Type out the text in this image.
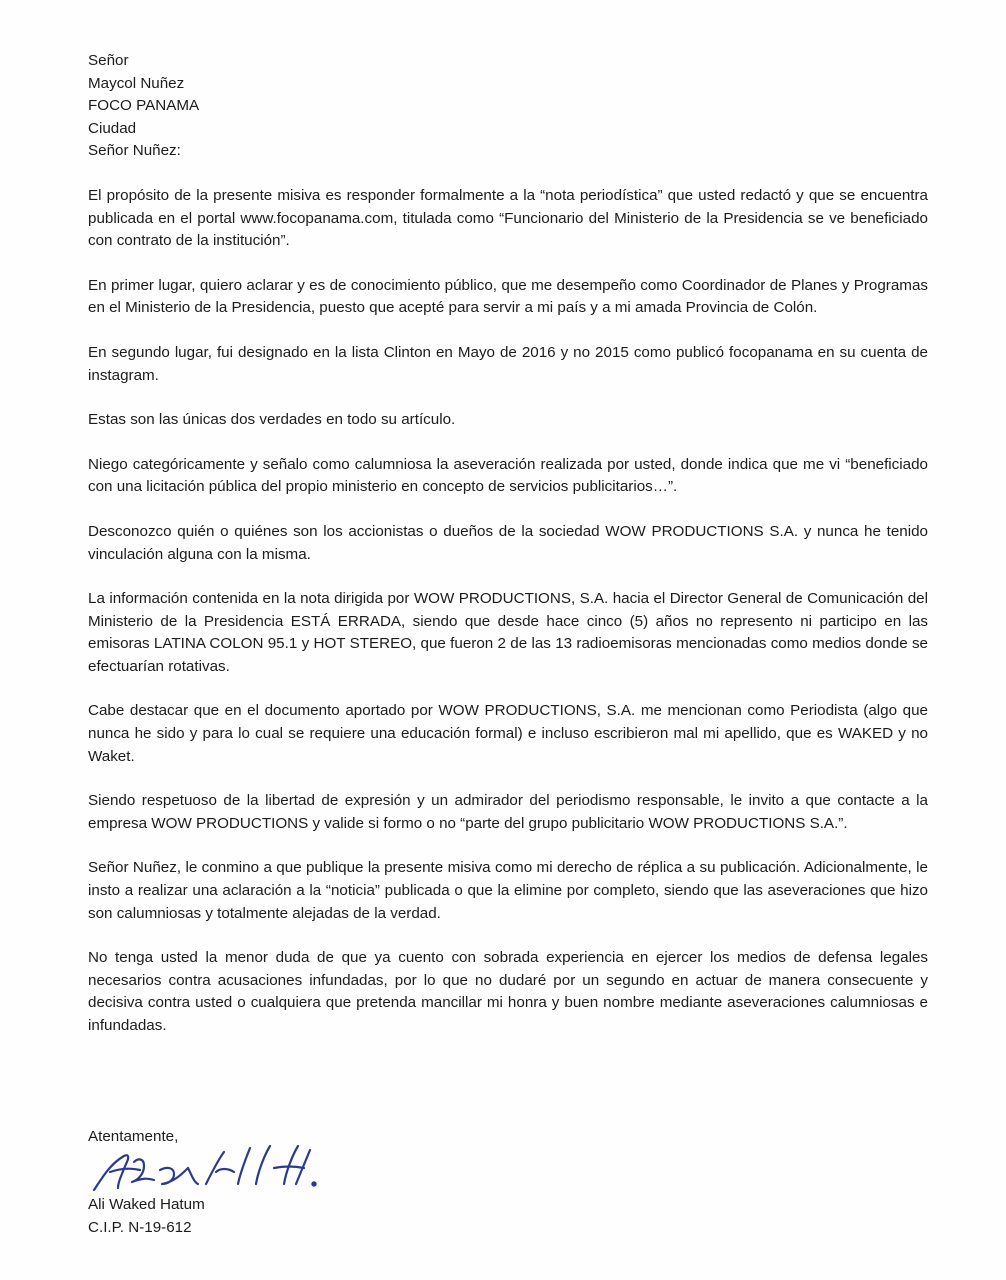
Señor
Maycol Nuñez
FOCO PANAMA
Ciudad

Señor Nuñez:

El propósito de la presente misiva es responder formalmente a la “nota periodística” que usted redactó y que se encuentra publicada en el portal www.focopanama.com, titulada como “Funcionario del Ministerio de la Presidencia se ve beneficiado con contrato de la institución”.

En primer lugar, quiero aclarar y es de conocimiento público, que me desempeño como Coordinador de Planes y Programas en el Ministerio de la Presidencia, puesto que acepté para servir a mi país y a mi amada Provincia de Colón.

En segundo lugar, fui designado en la lista Clinton en Mayo de 2016 y no 2015 como publicó focopanama en su cuenta de instagram.

Estas son las únicas dos verdades en todo su artículo.

Niego categóricamente y señalo como calumniosa la aseveración realizada por usted, donde indica que me vi “beneficiado con una licitación pública del propio ministerio en concepto de servicios publicitarios…”.

Desconozco quién o quiénes son los accionistas o dueños de la sociedad WOW PRODUCTIONS S.A. y nunca he tenido vinculación alguna con la misma.

La información contenida en la nota dirigida por WOW PRODUCTIONS, S.A. hacia el Director General de Comunicación del Ministerio de la Presidencia ESTÁ ERRADA, siendo que desde hace cinco (5) años no represento ni participo en las emisoras LATINA COLON 95.1 y HOT STEREO, que fueron 2 de las 13 radioemisoras mencionadas como medios donde se efectuarían rotativas.

Cabe destacar que en el documento aportado por WOW PRODUCTIONS, S.A. me mencionan como Periodista (algo que nunca he sido y para lo cual se requiere una educación formal) e incluso escribieron mal mi apellido, que es WAKED y no Waket.

Siendo respetuoso de la libertad de expresión y un admirador del periodismo responsable, le invito a que contacte a la empresa WOW PRODUCTIONS y valide si formo o no “parte del grupo publicitario WOW PRODUCTIONS S.A.”.

Señor Nuñez, le conmino a que publique la presente misiva como mi derecho de réplica a su publicación. Adicionalmente, le insto a realizar una aclaración a la “noticia” publicada o que la elimine por completo, siendo que las aseveraciones que hizo son calumniosas y totalmente alejadas de la verdad.

No tenga usted la menor duda de que ya cuento con sobrada experiencia en ejercer los medios de defensa legales necesarios contra acusaciones infundadas, por lo que no dudaré por un segundo en actuar de manera consecuente y decisiva contra usted o cualquiera que pretenda mancillar mi honra y buen nombre mediante aseveraciones calumniosas e infundadas.

Atentamente,
Ali Waked Hatum
C.I.P. N-19-612
